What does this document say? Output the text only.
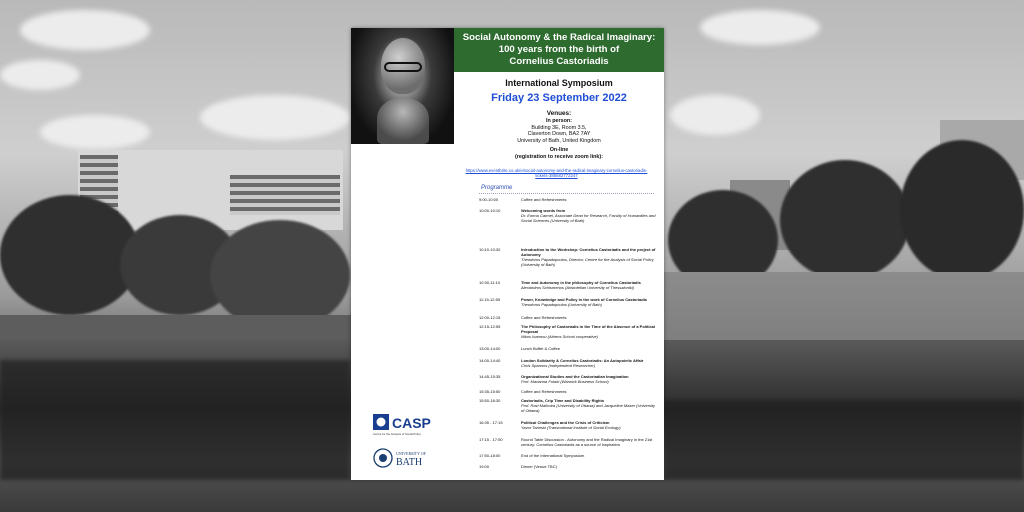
Social Autonomy & the Radical Imaginary:
100 years from the birth of
Cornelius Castoriadis
International Symposium
Friday 23 September 2022
Venues:
In person:
Building 3E, Room 3.5,
Claverton Down, BA2 7AY
University of Bath, United Kingdom
On-line
(registration to receive zoom link):
https://www.eventbrite.co.uk/e/social-autonomy-and-the-radical-imaginary-cornelius-castoriadis-
tickets-385682772247
Programme
9:00-10:00	Coffee and Refreshments
10:00-10:10	Welcoming words from
Dr. Emma Carmel, Associate Dean for Research, Faculty of Humanities and Social Sciences (University of Bath)
10:10-10:30	Introduction to the Workshop: Cornelius Castoriadis and the project of Autonomy
Theodoros Papadopoulos, Director, Centre for the Analysis of Social Policy (University of Bath)
10:30-11:10	Time and Autonomy in the philosophy of Cornelius Castoriadis
Alexandros Schismenos (Aristotelian University of Thessaloniki)
11:15-12:55	Power, Knowledge and Policy in the work of Cornelius Castoriadis
Theodoros Papadopoulos (University of Bath)
12:00-12:15	Coffee and Refreshments
12:15-12:55	The Philosophy of Castoriadis in the Time of the Absence of a Political Proposal
Nikos Ioannou (Athens School cooperative)
13:00-14:00	Lunch Buffet & Coffee
14:00-14:40	London Solidarity & Cornelius Castoriadis: An Autopoietic Affair
Chris Spannos (Independent Researcher)
14:45-15:35	Organizational Studies and the Castoriadian Imagination
Prof. Marianna Fotaki (Warwick Business School)
15:35-15:50	Coffee and Refreshments
15:50-16:30	Castoriadis, Crip Time and Disability Rights
Prof. Ravi Malhotra (University of Ottawa) and Jacqueline Mazer (University of Ottawa)
16:35 - 17:15	Political Challenges and the Crisis of Criticism
Yavor Tarinski (Transnational Institute of Social Ecology)
17:15 - 17:50	Round Table Discussion - Autonomy and the Radical Imaginary in the 21st century: Cornelius Castoriadis as a source of inspiration
17:50-18:00	End of the International Symposium
19:00	Dinner (Venue TBC)
CASP
Centre for the Analysis of Social Policy
UNIVERSITY OF
BATH
